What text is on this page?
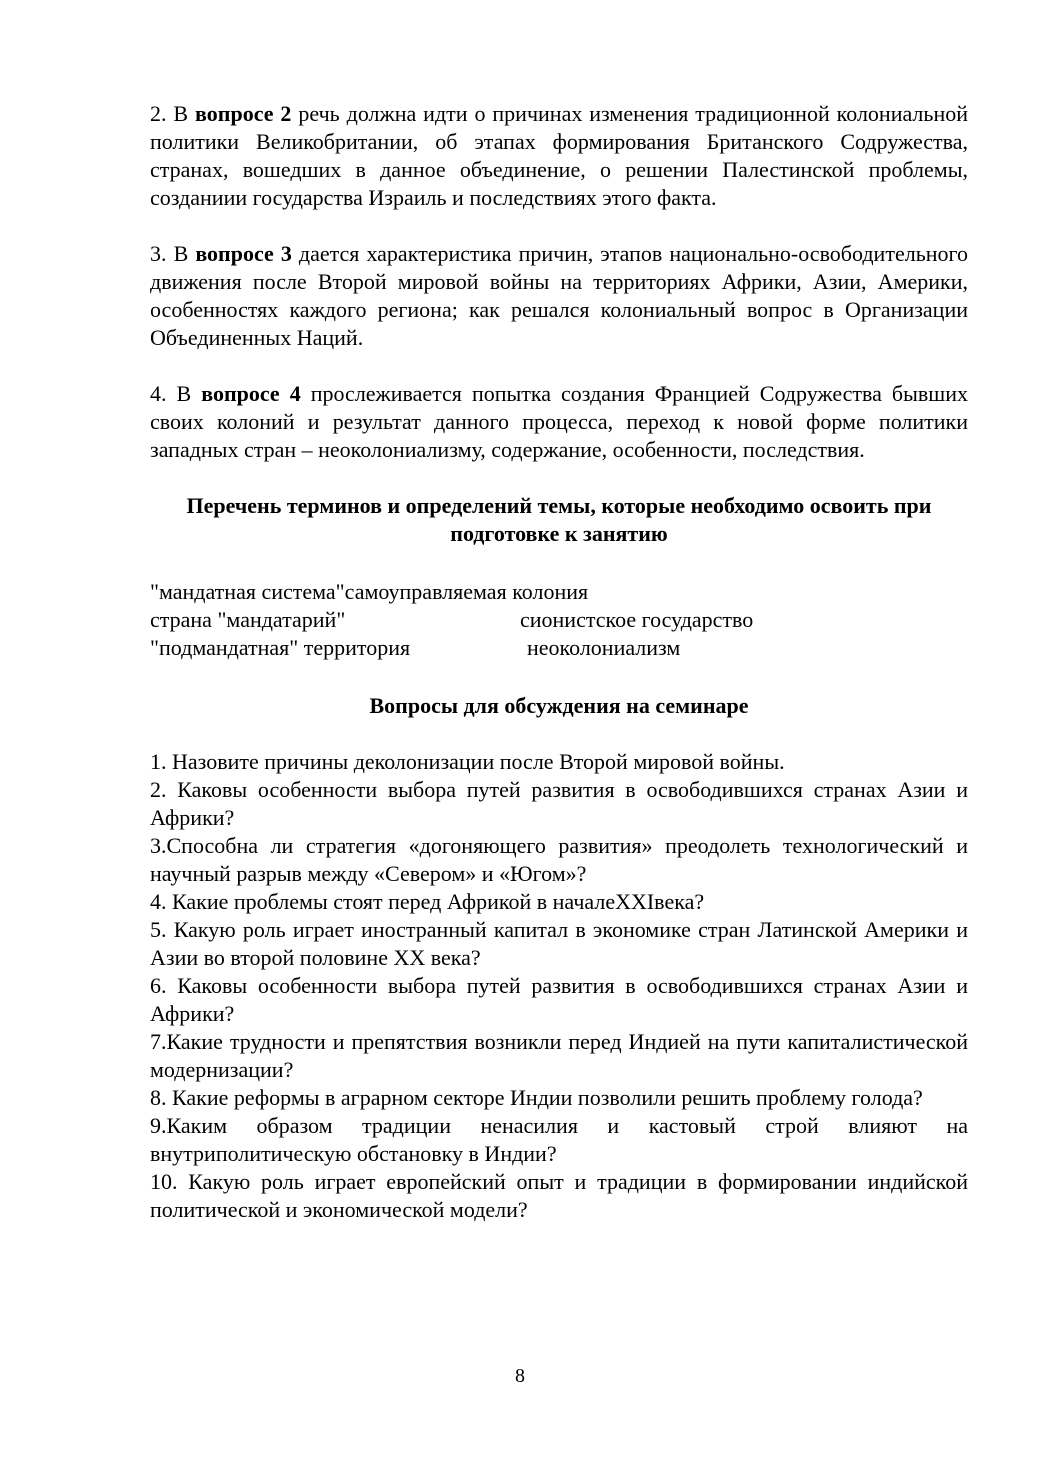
2. В вопросе 2 речь должна идти о причинах изменения традиционной колониальной политики Великобритании, об этапах формирования Британского Содружества, странах, вошедших в данное объединение, о решении Палестинской проблемы, созданиии государства Израиль и последствиях этого факта.

3. В вопросе 3 дается характеристика причин, этапов национально-освободительного движения после Второй мировой войны на территориях Африки, Азии, Америки, особенностях каждого региона; как решался колониальный вопрос в Организации Объединенных Наций.

4. В вопросе 4 прослеживается попытка создания Францией Содружества бывших своих колоний и результат данного процесса, переход к новой форме политики западных стран – неоколониализму, содержание, особенности, последствия.

Перечень терминов и определений темы, которые необходимо освоить при подготовке к занятию

"мандатная система" самоуправляемая колония
страна "мандатарий"	сионистское государство
"подмандатная" территория	неоколониализм

Вопросы для обсуждения на семинаре

1. Назовите причины деколонизации после Второй мировой войны.

2. Каковы особенности выбора путей развития в освободившихся странах Азии и Африки?

3.Способна ли стратегия «догоняющего развития» преодолеть технологический и научный разрыв между «Севером» и «Югом»?

4. Какие проблемы стоят перед Африкой в началеXXIвека?

5. Какую роль играет иностранный капитал в экономике стран Латинской Америки и Азии во второй половине XX века?

6. Каковы особенности выбора путей развития в освободившихся странах Азии и Африки?

7.Какие трудности и препятствия возникли перед Индией на пути капиталистической модернизации?

8. Какие реформы в аграрном секторе Индии позволили решить проблему голода?

9.Каким образом традиции ненасилия и кастовый строй влияют на внутриполитическую обстановку в Индии?

10. Какую роль играет европейский опыт и традиции в формировании индийской политической и экономической модели?

8
